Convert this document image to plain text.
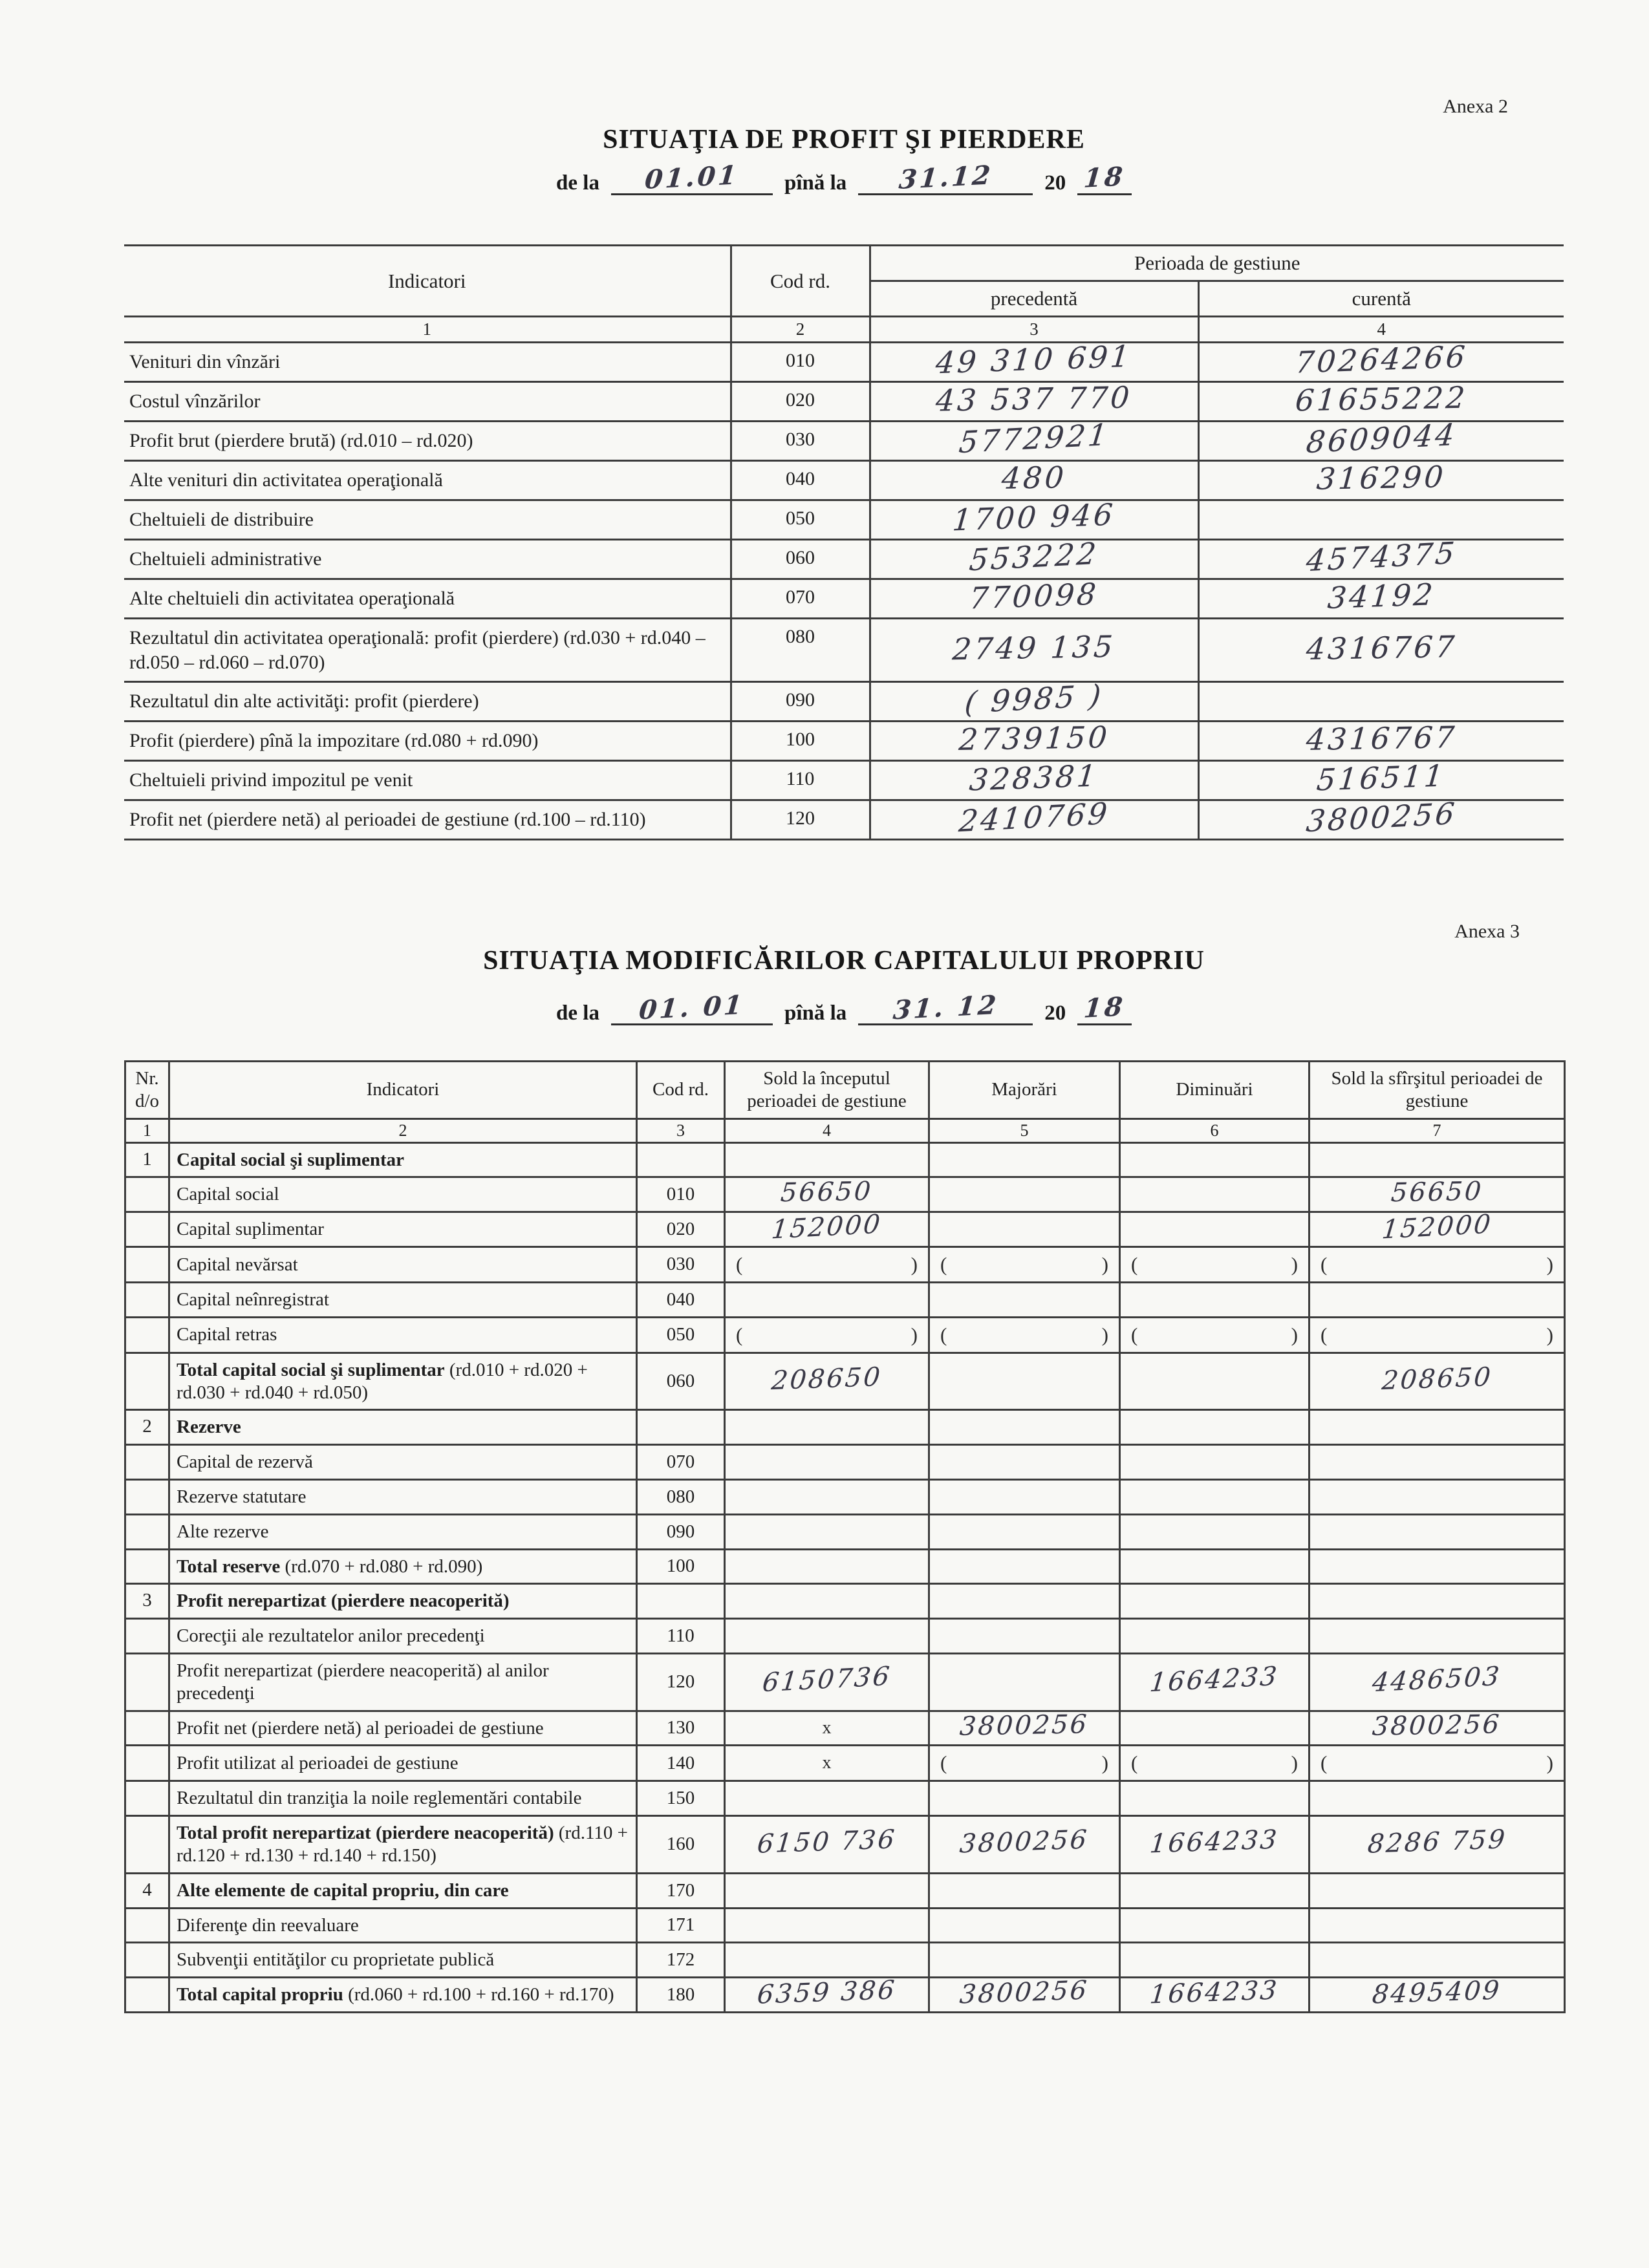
Anexa 2
SITUAŢIA DE PROFIT ŞI PIERDERE
de la	01.01	pînă la	31.12	20 18
Indicatori	Cod rd.	Perioada de gestiune	
		precedentă	curentă
1	2	3	4
Venituri din vînzări	010	49 310 691	70264266
Costul vînzărilor	020	43 537 770	61655222
Profit brut (pierdere brută) (rd.010 – rd.020)	030	5772921	8609044
Alte venituri din activitatea operaţională	040	480	316290
Cheltuieli de distribuire	050	1700 946	
Cheltuieli administrative	060	553222	4574375
Alte cheltuieli din activitatea operaţională	070	770098	34192
Rezultatul din activitatea operaţională: profit (pierdere) (rd.030 + rd.040 – rd.050 – rd.060 – rd.070)	080	2749 135	4316767
Rezultatul din alte activităţi: profit (pierdere)	090	( 9985 )	
Profit (pierdere) pînă la impozitare (rd.080 + rd.090)	100	2739150	4316767
Cheltuieli privind impozitul pe venit	110	328381	516511
Profit net (pierdere netă) al perioadei de gestiune (rd.100 – rd.110)	120	2410769	3800256
Anexa 3
SITUAŢIA MODIFICĂRILOR CAPITALULUI PROPRIU
de la	01. 01	pînă la	31. 12	20 18
Nr. d/o	Indicatori	Cod rd.	Sold la începutul perioadei de gestiune	Majorări	Diminuări	Sold la sfîrşitul perioadei de gestiune
1	2	3	4	5	6	7
1	Capital social şi suplimentar					
	Capital social	010	56650			56650
	Capital suplimentar	020	152000			152000
	Capital nevărsat	030	( )	( )	( )	( )

	Capital neînregistrat	040				
	Capital retras	050	( )	( )	( )	( )

	Total capital social şi suplimentar (rd.010 + rd.020 + rd.030 + rd.040 + rd.050)	060	208650			208650
2	Rezerve					
	Capital de rezervă	070				
	Rezerve statutare	080				
	Alte rezerve	090				
	Total reserve (rd.070 + rd.080 + rd.090)	100				
3	Profit nerepartizat (pierdere neacoperită)					
	Corecţii ale rezultatelor anilor precedenţi	110				
	Profit nerepartizat (pierdere neacoperită) al anilor precedenţi	120	6150736		1664233	4486503
	Profit net (pierdere netă) al perioadei de gestiune	130	x	3800256		3800256
	Profit utilizat al perioadei de gestiune	140	x	( )	( )	( )

	Rezultatul din tranziţia la noile reglementări contabile	150				
	Total profit nerepartizat (pierdere neacoperită) (rd.110 + rd.120 + rd.130 + rd.140 + rd.150)	160	6150 736	3800256	1664233	8286 759
4	Alte elemente de capital propriu, din care	170				
	Diferenţe din reevaluare	171				
	Subvenţii entităţilor cu proprietate publică	172				
	Total capital propriu (rd.060 + rd.100 + rd.160 + rd.170)	180	6359 386	3800256	1664233	8495409
